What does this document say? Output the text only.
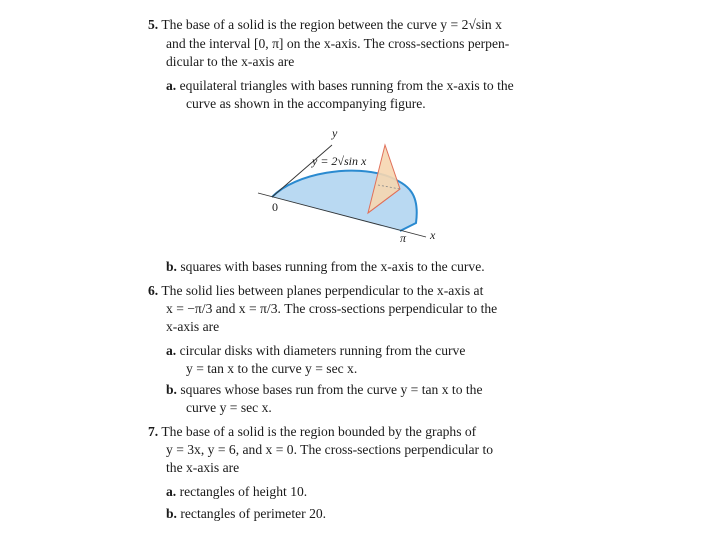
5. The base of a solid is the region between the curve y = 2√sin x
and the interval [0, π] on the x-axis. The cross-sections perpen-
dicular to the x-axis are
a. equilateral triangles with bases running from the x-axis to the
curve as shown in the accompanying figure.
y
x
0
π
y = 2√sin x
b. squares with bases running from the x-axis to the curve.
6. The solid lies between planes perpendicular to the x-axis at
x = −π/3 and x = π/3. The cross-sections perpendicular to the
x-axis are
a. circular disks with diameters running from the curve
y = tan x to the curve y = sec x.
b. squares whose bases run from the curve y = tan x to the
curve y = sec x.
7. The base of a solid is the region bounded by the graphs of
y = 3x, y = 6, and x = 0. The cross-sections perpendicular to
the x-axis are
a. rectangles of height 10.
b. rectangles of perimeter 20.
